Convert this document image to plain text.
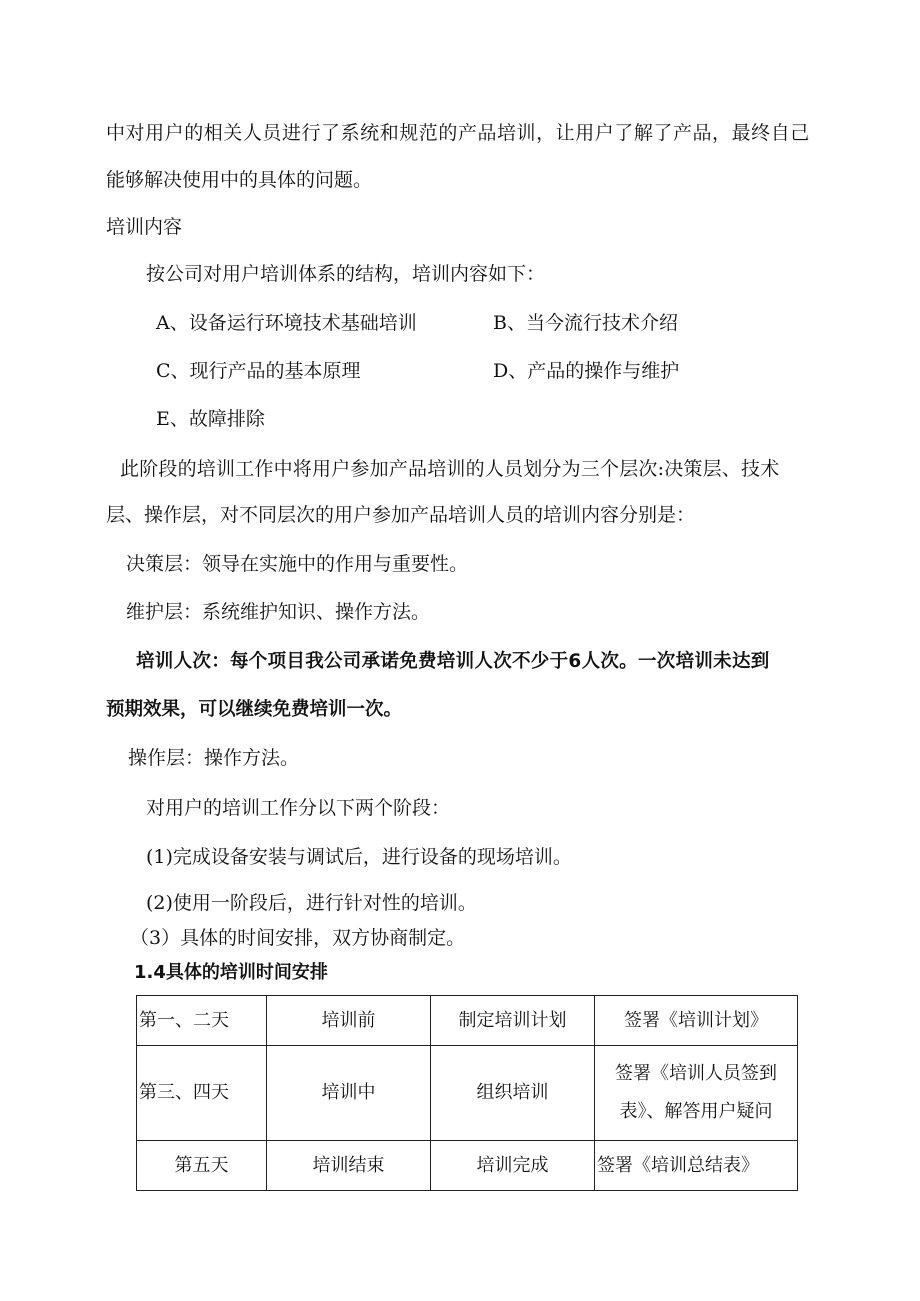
中对用户的相关人员进行了系统和规范的产品培训，让用户了解了产品，最终自己
能够解决使用中的具体的问题。
培训内容
按公司对用户培训体系的结构，培训内容如下：
A、设备运行环境技术基础培训	B、当今流行技术介绍
C、现行产品的基本原理	D、产品的操作与维护
E、故障排除
此阶段的培训工作中将用户参加产品培训的人员划分为三个层次:决策层、技术
层、操作层，对不同层次的用户参加产品培训人员的培训内容分别是：
决策层：领导在实施中的作用与重要性。
维护层：系统维护知识、操作方法。
培训人次：每个项目我公司承诺免费培训人次不少于6人次。一次培训未达到
预期效果，可以继续免费培训一次。
操作层：操作方法。
对用户的培训工作分以下两个阶段：
(1)完成设备安装与调试后，进行设备的现场培训。
(2)使用一阶段后，进行针对性的培训。
（3）具体的时间安排，双方协商制定。
1.4具体的培训时间安排
第一、二天	培训前	制定培训计划	签署《培训计划》
第三、四天	培训中	组织培训	签署《培训人员签到
表》、解答用户疑问

第五天	培训结束	培训完成	签署《培训总结表》
